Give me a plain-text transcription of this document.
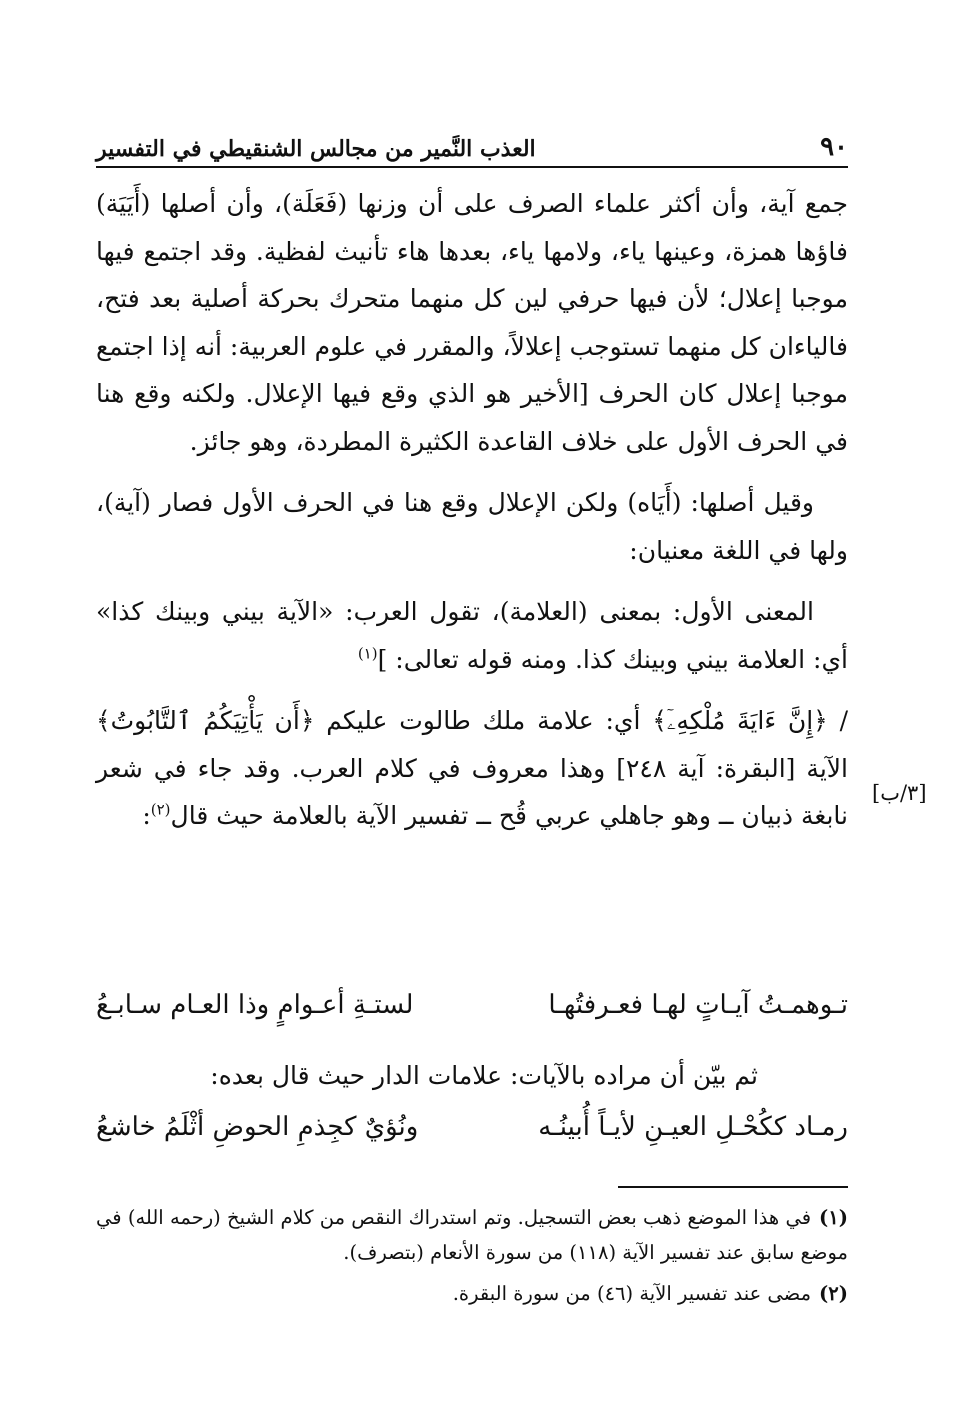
٩٠
العذب النَّمير من مجالس الشنقيطي في التفسير

جمع آية، وأن أكثر علماء الصرف على أن وزنها (فَعَلَة)، وأن أصلها (أَيَيَة) فاؤها همزة، وعينها ياء، ولامها ياء، بعدها هاء تأنيث لفظية. وقد اجتمع فيها موجبا إعلال؛ لأن فيها حرفي لين كل منهما متحرك بحركة أصلية بعد فتح، فالياءان كل منهما تستوجب إعلالاً، والمقرر في علوم العربية: أنه إذا اجتمع موجبا إعلال كان الحرف [الأخير هو الذي وقع فيها الإعلال. ولكنه وقع هنا في الحرف الأول على خلاف القاعدة الكثيرة المطردة، وهو جائز.

وقيل أصلها: (أَيَاه) ولكن الإعلال وقع هنا في الحرف الأول فصار (آية)، ولها في اللغة معنيان:

المعنى الأول: بمعنى (العلامة)، تقول العرب: «الآية بيني وبينك كذا» أي: العلامة بيني وبينك كذا. ومنه قوله تعالى: ]$^{(١)}$

/ ﴿إِنَّ ءَايَةَ مُلْكِهِۦٓ﴾ أي: علامة ملك طالوت عليكم ﴿أَن يَأْتِيَكُمُ ٱلتَّابُوتُ﴾ الآية [البقرة: آية ٢٤٨] وهذا معروف في كلام العرب. وقد جاء في شعر نابغة ذبيان ــ وهو جاهلي عربي قُح ــ تفسير الآية بالعلامة حيث قال$^{(٢)}$:

[٣/ب]
تـوهمـتُ آيـاتٍ لهـا فعـرفتُهـا
لستـةِ أعـوامٍ وذا العـام سـابـعُ

ثم بيّن أن مراده بالآيات: علامات الدار حيث قال بعده:

رمـاد ككُحْـلِ العيـنِ لأيـاً أُبينُـه
ونُؤيٌ كجِذمِ الحوضِ أثْلَمُ خاشعُ

(١)في هذا الموضع ذهب بعض التسجيل. وتم استدراك النقص من كلام الشيخ (رحمه الله) في موضع سابق عند تفسير الآية (١١٨) من سورة الأنعام (بتصرف).

(٢)مضى عند تفسير الآية (٤٦) من سورة البقرة.
